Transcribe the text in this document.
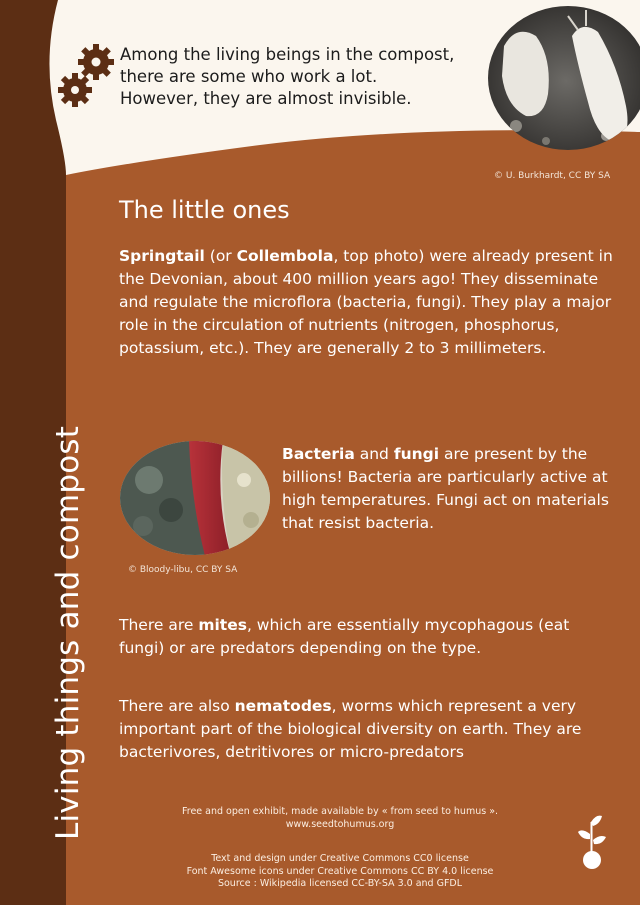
Among the living beings in the compost,
there are some who work a lot.
However, they are almost invisible.
© U. Burkhardt, CC BY SA
Living things and compost
The little ones
Springtail (or Collembola, top photo) were already present in the Devonian, about 400 million years ago! They disseminate and regulate the microflora (bacteria, fungi). They play a major role in the circulation of nutrients (nitrogen, phosphorus, potassium, etc.). They are generally 2 to 3 millimeters.
© Bloody-libu, CC BY SA
Bacteria and fungi are present by the billions! Bacteria are particularly active at high temperatures. Fungi act on materials that resist bacteria.
There are mites, which are essentially mycophagous (eat fungi) or are predators depending on the type.
There are also nematodes, worms which represent a very important part of the biological diversity on earth. They are bacterivores, detritivores or micro-predators
Free and open exhibit, made available by « from seed to humus ».
www.seedtohumus.org
Text and design under Creative Commons CC0 license
Font Awesome icons under Creative Commons CC BY 4.0 license
Source : Wikipedia licensed CC-BY-SA 3.0 and GFDL
